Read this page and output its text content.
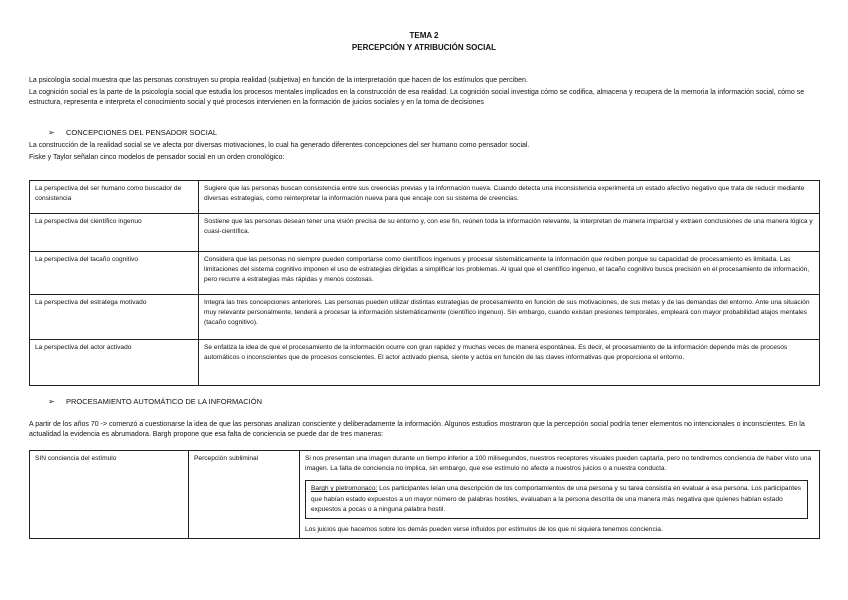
TEMA 2
PERCEPCIÓN Y ATRIBUCIÓN SOCIAL
La psicología social muestra que las personas construyen su propia realidad (subjetiva) en función de la interpretación que hacen de los estímulos que perciben.
La cognición social es la parte de la psicología social que estudia los procesos mentales implicados en la construcción de esa realidad. La cognición social investiga cómo se codifica, almacena y recupera de la memoria la información social, cómo se estructura, representa e interpreta el conocimiento social y qué procesos intervienen en la formación de juicios sociales y en la toma de decisiones
➢ CONCEPCIONES DEL PENSADOR SOCIAL
La construcción de la realidad social se ve afecta por diversas motivaciones, lo cual ha generado diferentes concepciones del ser humano como pensador social.
Fiske y Taylor señalan cinco modelos de pensador social en un orden cronológico:
La perspectiva del ser humano como buscador de consistencia	Sugiere que las personas buscan consistencia entre sus creencias previas y la información nueva. Cuando detecta una inconsistencia experimenta un estado afectivo negativo que trata de reducir mediante diversas estrategias, como reinterpretar la información nueva para que encaje con su sistema de creencias.
La perspectiva del científico ingenuo	Sostiene que las personas desean tener una visión precisa de su entorno y, con ese fin, reúnen toda la información relevante, la interpretan de manera imparcial y extraen conclusiones de una manera lógica y cuasi-científica.
La perspectiva del tacaño cognitivo	Considera que las personas no siempre pueden comportarse como científicos ingenuos y procesar sistemáticamente la información que reciben porque su capacidad de procesamiento es limitada. Las limitaciones del sistema cognitivo imponen el uso de estrategias dirigidas a simplificar los problemas. Al igual que el científico ingenuo, el tacaño cognitivo busca precisión en el procesamiento de información, pero recurre a estrategias más rápidas y menos costosas.
La perspectiva del estratega motivado	Integra las tres concepciones anteriores. Las personas pueden utilizar distintas estrategias de procesamiento en función de sus motivaciones, de sus metas y de las demandas del entorno. Ante una situación muy relevante personalmente, tenderá a procesar la información sistemáticamente (científico ingenuo). Sin embargo, cuando existan presiones temporales, empleará con mayor probabilidad atajos mentales (tacaño cognitivo).
La perspectiva del actor activado	Se enfatiza la idea de que el procesamiento de la información ocurre con gran rapidez y muchas veces de manera espontánea. Es decir, el procesamiento de la información depende más de procesos automáticos o inconscientes que de procesos conscientes. El actor activado piensa, siente y actúa en función de las claves informativas que proporciona el entorno.
➢ PROCESAMIENTO AUTOMÁTICO DE LA INFORMACIÓN
A partir de los años 70 -> comenzó a cuestionarse la idea de que las personas analizan consciente y deliberadamente la información. Algunos estudios mostraron que la percepción social podría tener elementos no intencionales o inconscientes. En la actualidad la evidencia es abrumadora. Bargh propone que esa falta de conciencia se puede dar de tres maneras:
SIN conciencia del estímulo	Percepción subliminal	Si nos presentan una imagen durante un tiempo inferior a 100 milisegundos, nuestros receptores visuales pueden captarla, pero no tendremos conciencia de haber visto una imagen. La falta de conciencia no implica, sin embargo, que ese estímulo no afecte a nuestros juicios o a nuestra conducta.
Bargh y pietromonaco: Los participantes leían una descripción de los comportamientos de una persona y su tarea consistía en evaluar a esa persona. Los participantes que habían estado expuestos a un mayor número de palabras hostiles, evaluaban a la persona descrita de una manera más negativa que quienes habían estado expuestos a pocas o a ninguna palabra hostil.
Los juicios que hacemos sobre los demás pueden verse influidos por estímulos de los que ni siquiera tenemos conciencia.
